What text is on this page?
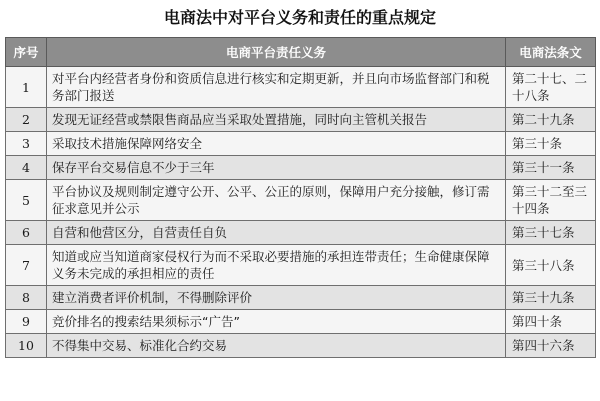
电商法中对平台义务和责任的重点规定
序号	电商平台责任义务	电商法条文
1	对平台内经营者身份和资质信息进行核实和定期更新，并且向市场监督部门和税务部门报送	第二十七、二十八条
2	发现无证经营或禁限售商品应当采取处置措施，同时向主管机关报告	第二十九条
3	采取技术措施保障网络安全	第三十条
4	保存平台交易信息不少于三年	第三十一条
5	平台协议及规则制定遵守公开、公平、公正的原则，保障用户充分接触，修订需征求意见并公示	第三十二至三十四条
6	自营和他营区分，自营责任自负	第三十七条
7	知道或应当知道商家侵权行为而不采取必要措施的承担连带责任；生命健康保障义务未完成的承担相应的责任	第三十八条
8	建立消费者评价机制，不得删除评价	第三十九条
9	竞价排名的搜索结果须标示“广告”	第四十条
10	不得集中交易、标准化合约交易	第四十六条
